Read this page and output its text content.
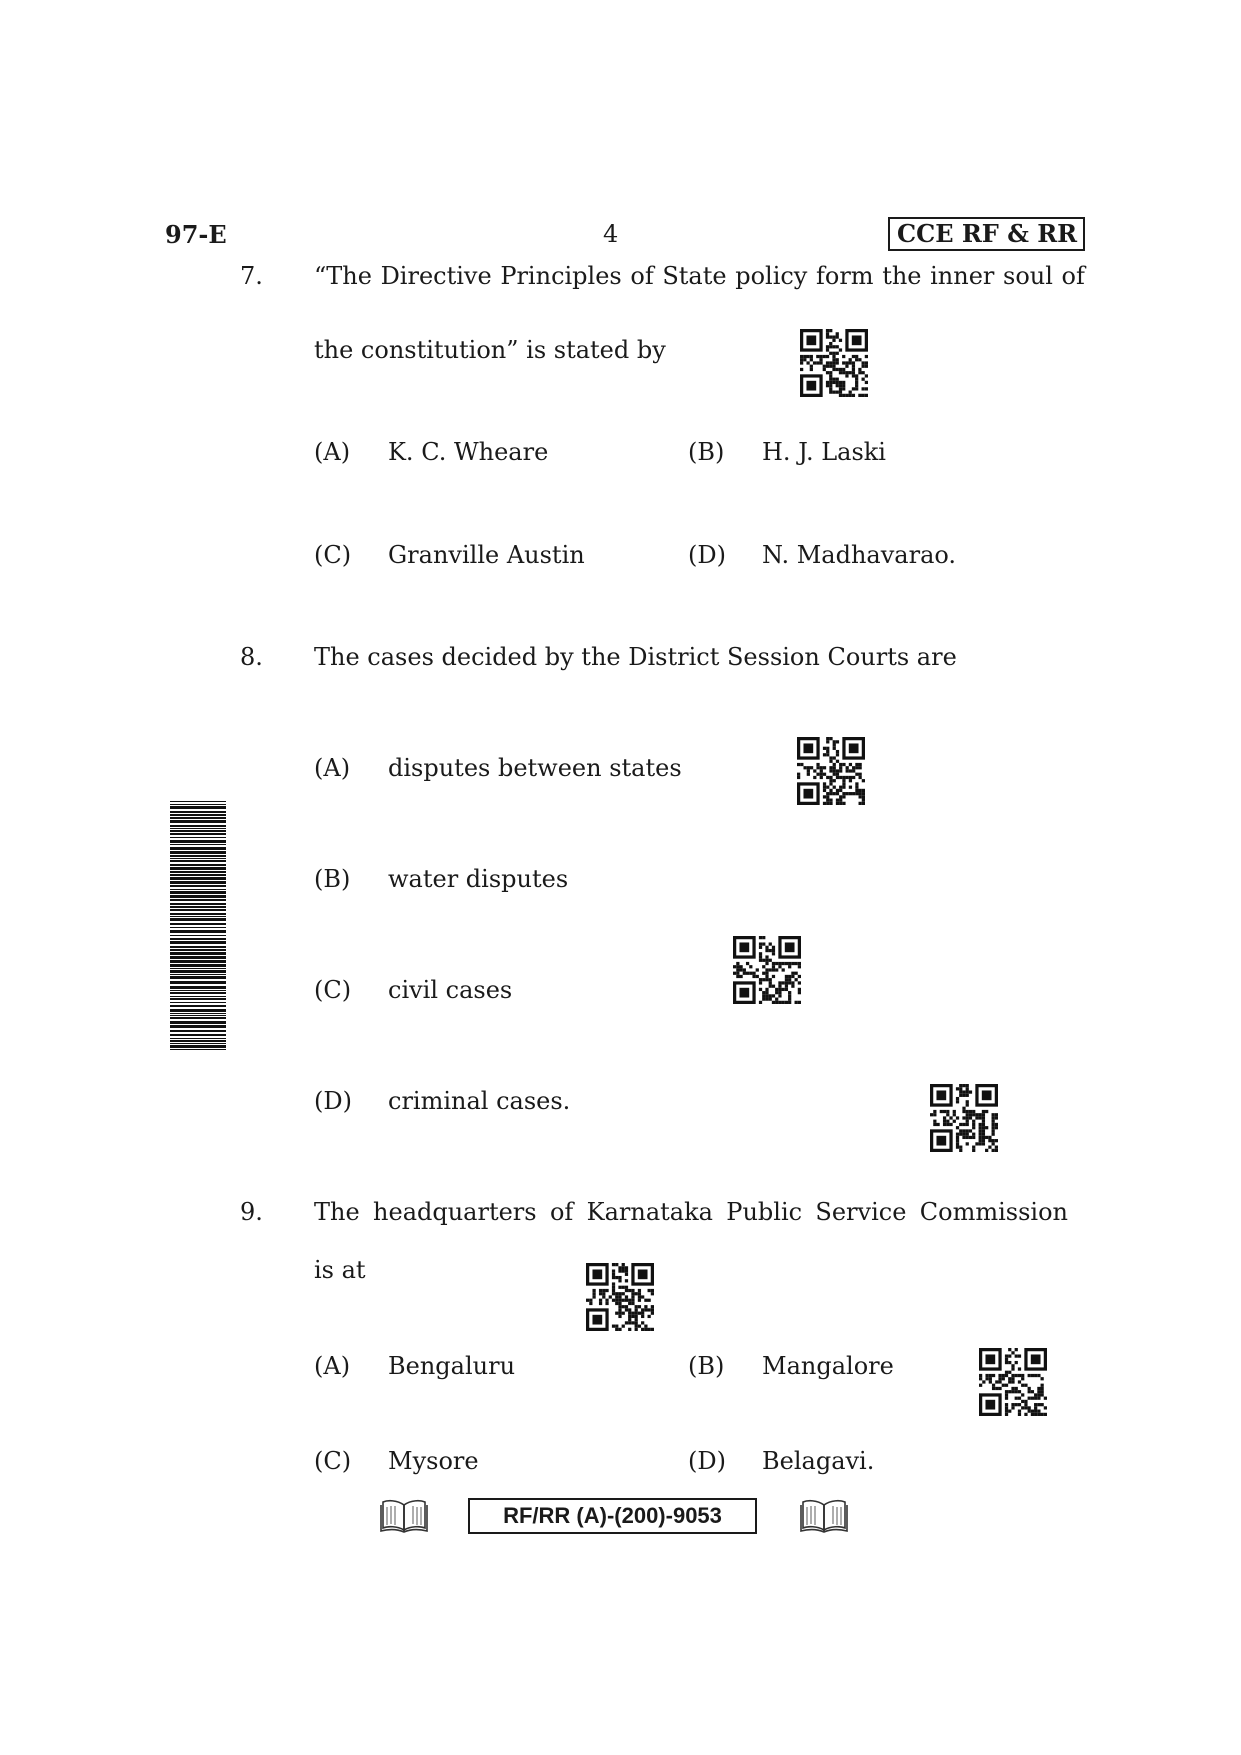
97-E	4	CCE RF & RR
7. “The Directive Principles of State policy form the inner soul of
the constitution” is stated by
(A) K. C. Wheare	(B) H. J. Laski
(C) Granville Austin	(D) N. Madhavarao.
8. The cases decided by the District Session Courts are
(A) disputes between states
(B) water disputes
(C) civil cases
(D) criminal cases.
9. The headquarters of Karnataka Public Service Commission
is at
(A) Bengaluru	(B) Mangalore
(C) Mysore	(D) Belagavi.
RF/RR (A)-(200)-9053
